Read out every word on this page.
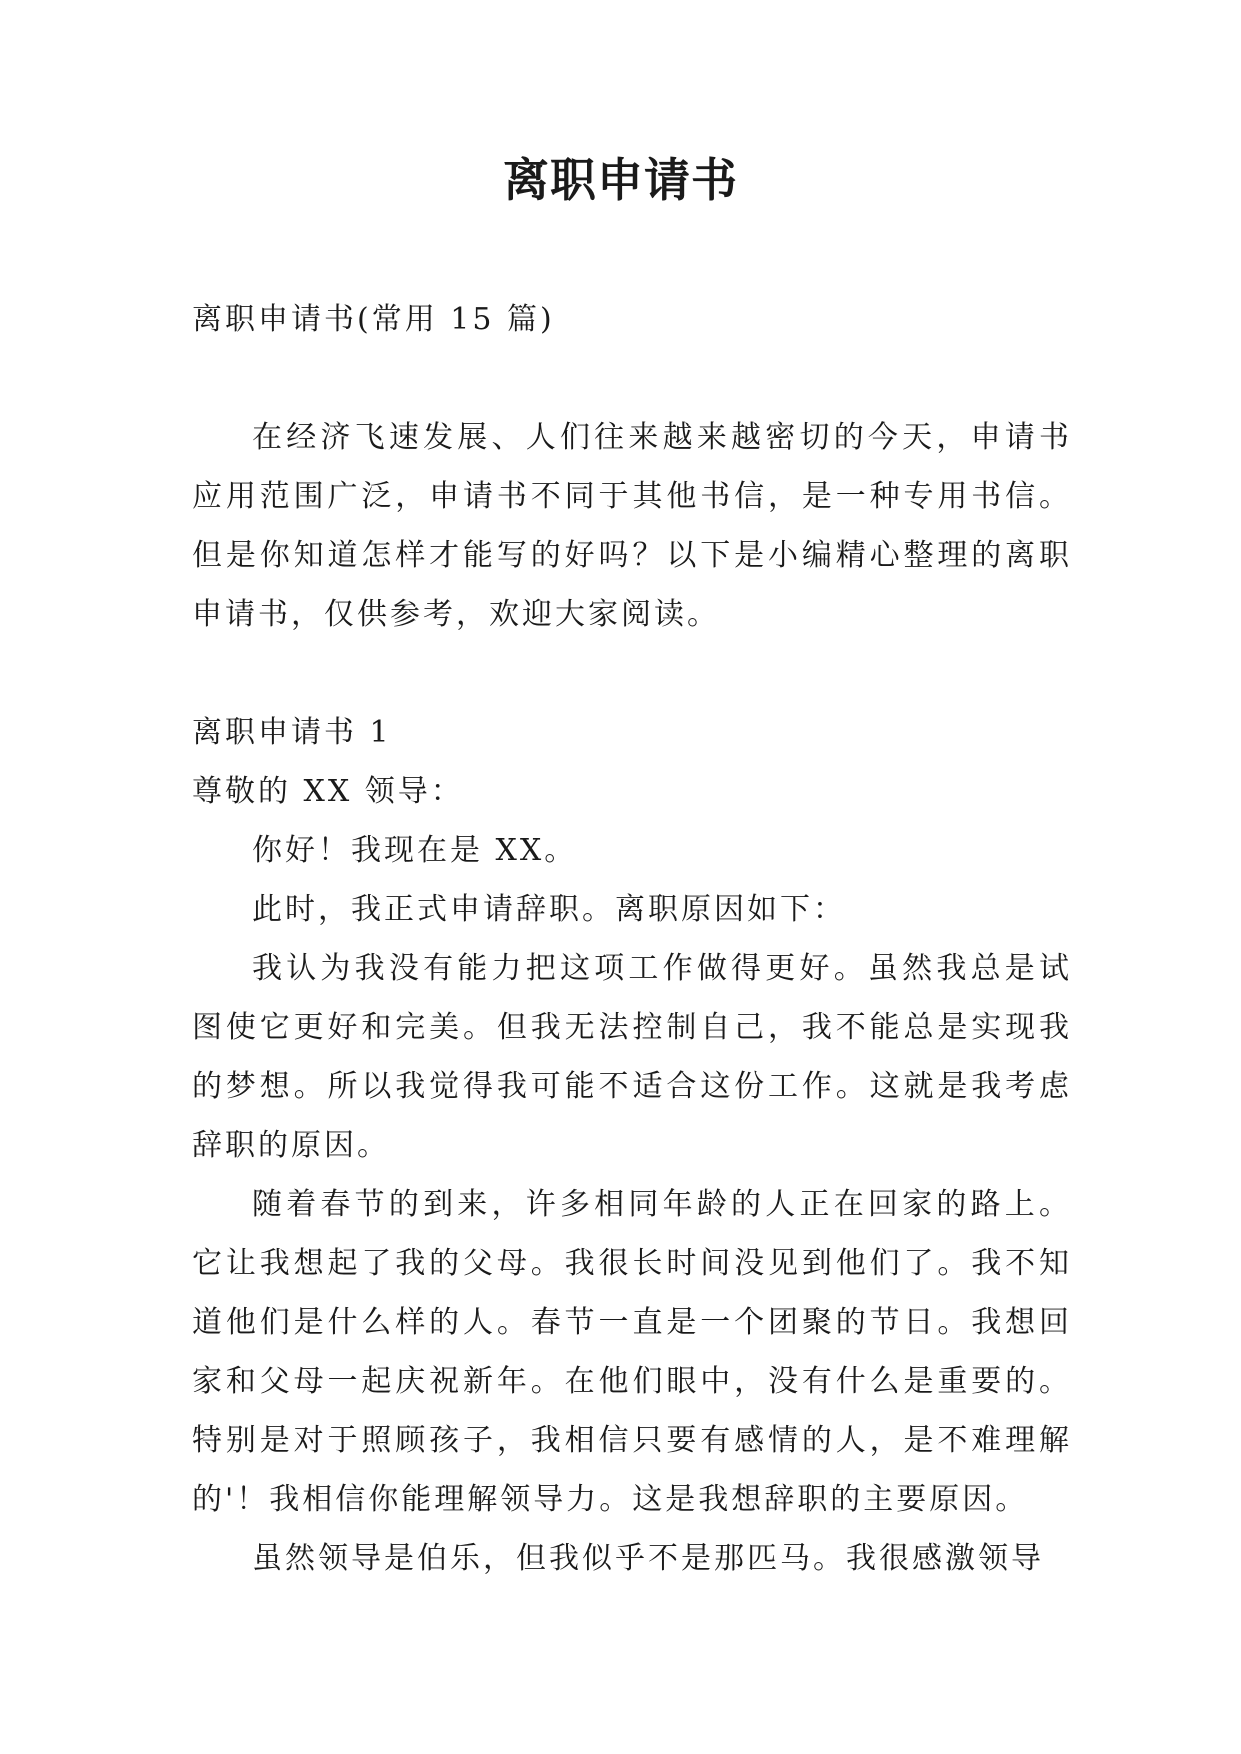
离职申请书

离职申请书(常用 15 篇)

在经济飞速发展、人们往来越来越密切的今天，申请书应用范围广泛，申请书不同于其他书信，是一种专用书信。但是你知道怎样才能写的好吗？以下是小编精心整理的离职申请书，仅供参考，欢迎大家阅读。

离职申请书 1

尊敬的 XX 领导：

你好！我现在是 XX。

此时，我正式申请辞职。离职原因如下：

我认为我没有能力把这项工作做得更好。虽然我总是试图使它更好和完美。但我无法控制自己，我不能总是实现我的梦想。所以我觉得我可能不适合这份工作。这就是我考虑辞职的原因。

随着春节的到来，许多相同年龄的人正在回家的路上。它让我想起了我的父母。我很长时间没见到他们了。我不知道他们是什么样的人。春节一直是一个团聚的节日。我想回家和父母一起庆祝新年。在他们眼中，没有什么是重要的。特别是对于照顾孩子，我相信只要有感情的人，是不难理解的'！我相信你能理解领导力。这是我想辞职的主要原因。

虽然领导是伯乐，但我似乎不是那匹马。我很感激领导
